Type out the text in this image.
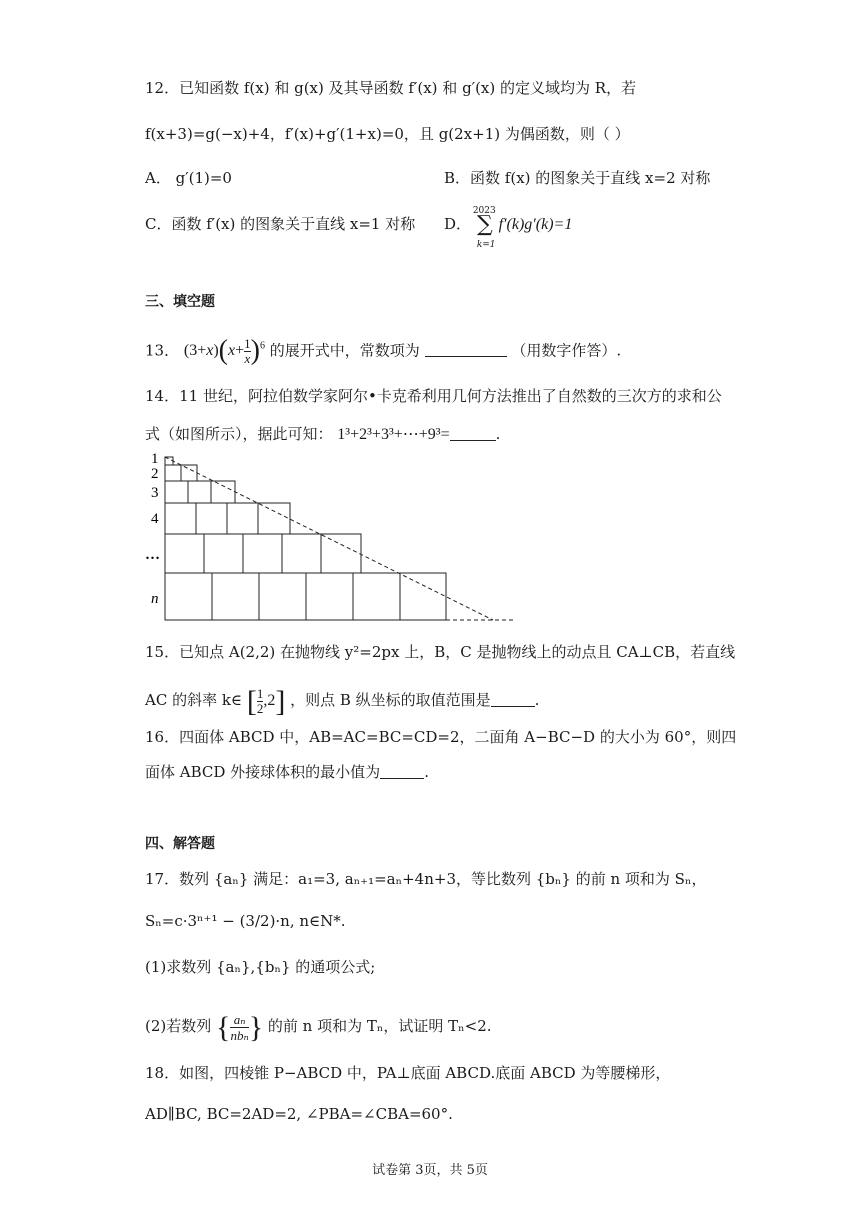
12．已知函数 f(x) 和 g(x) 及其导函数 f′(x) 和 g′(x) 的定义域均为 R，若
f(x+3)=g(−x)+4，f′(x)+g′(1+x)=0，且 g(2x+1) 为偶函数，则（ ）
A． g′(1)=0	B．函数 f(x) 的图象关于直线 x=2 对称
C．函数 f′(x) 的图象关于直线 x=1 对称 D．
2023
∑
k=1
f′(k)g′(k)=1
三、填空题
13． $(3+x)(x+ \frac{1}{x} )^6$ 的展开式中，常数项为	（用数字作答）.
14．11 世纪，阿拉伯数学家阿尔•卡克希利用几何方法推出了自然数的三次方的求和公
式（如图所示），据此可知： 1³+2³+3³+⋯+9³=	.
1
2
3
4
…
n
15．已知点 A(2,2) 在抛物线 y²=2px 上，B，C 是抛物线上的动点且 CA⊥CB，若直线
AC 的斜率 k∈ [ $\frac{1}{2} ,2$] ，则点 B 纵坐标的取值范围是	.
16．四面体 ABCD 中，AB=AC=BC=CD=2，二面角 A−BC−D 的大小为 60°，则四
面体 ABCD 外接球体积的最小值为	.
四、解答题
17．数列 {aₙ} 满足：a₁=3, aₙ₊₁=aₙ+4n+3，等比数列 {bₙ} 的前 n 项和为 Sₙ，
Sₙ=c·3ⁿ⁺¹ − (3/2)·n, n∈N*.
(1)求数列 {aₙ},{bₙ} 的通项公式;
(2)若数列 { aₙ
nbₙ } 的前 n 项和为 Tₙ，试证明 Tₙ<2.
18．如图，四棱锥 P−ABCD 中，PA⊥底面 ABCD.底面 ABCD 为等腰梯形，
AD∥BC, BC=2AD=2, ∠PBA=∠CBA=60°.
试卷第 3页，共 5页
